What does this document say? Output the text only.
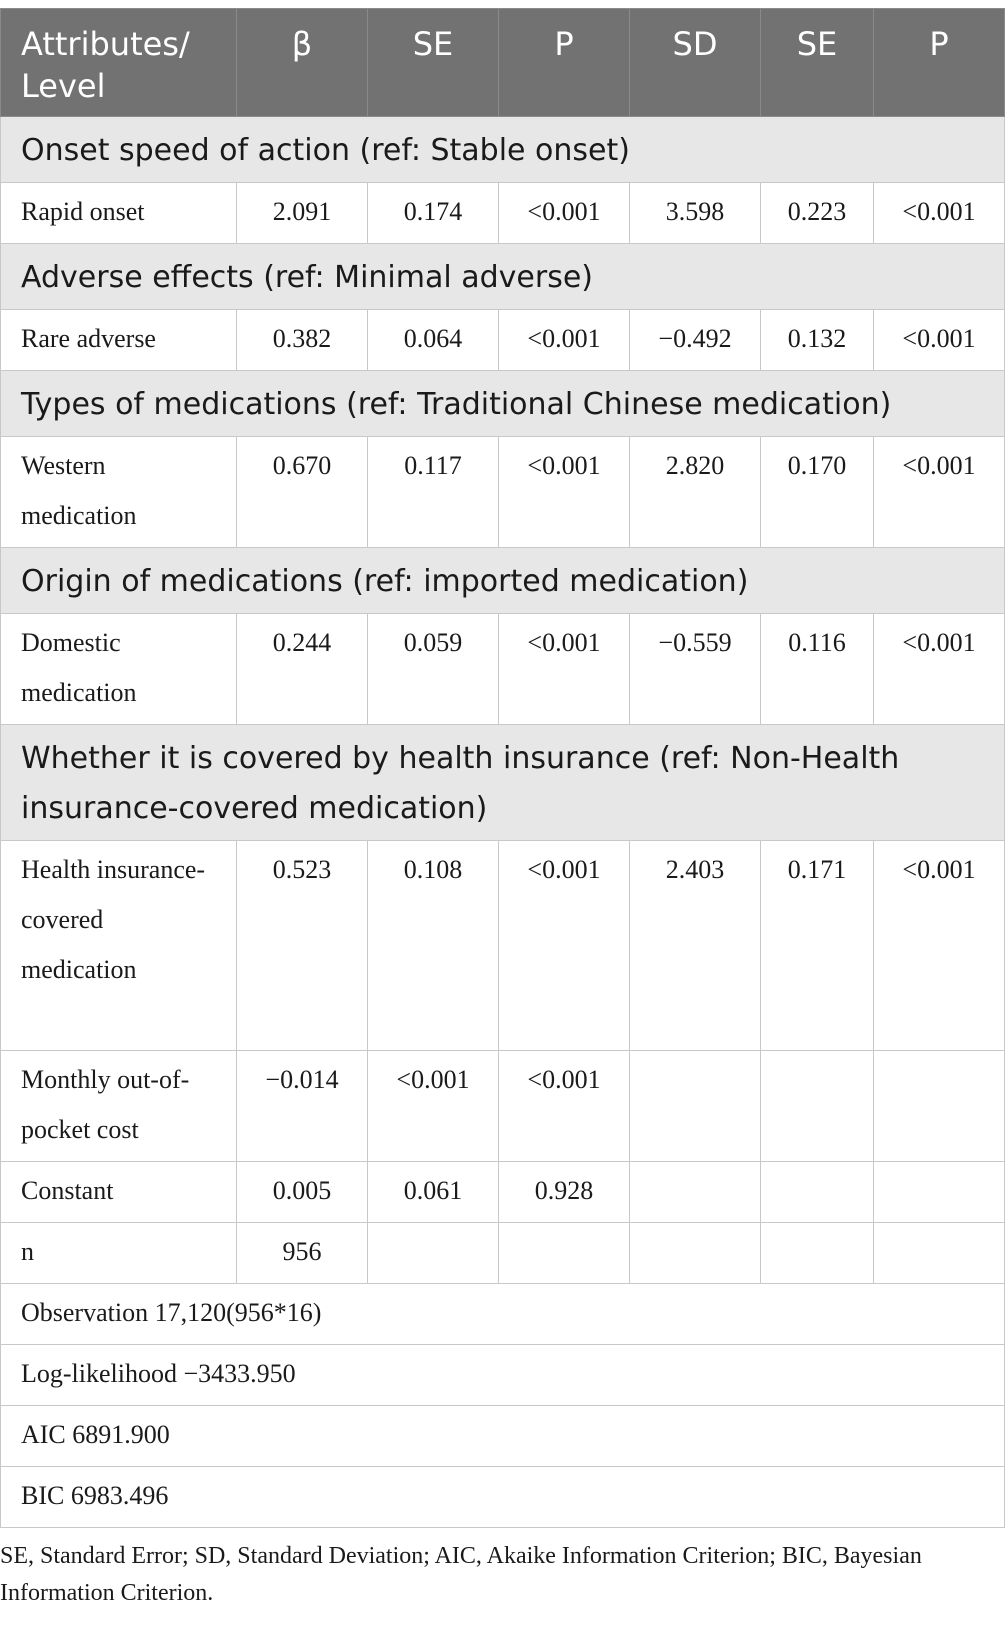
Attributes/ Level	β	SE	P	SD	SE	P
Onset speed of action (ref: Stable onset)						
Rapid onset	2.091	0.174	<0.001	3.598	0.223	<0.001
Adverse effects (ref: Minimal adverse)						
Rare adverse	0.382	0.064	<0.001	−0.492	0.132	<0.001
Types of medications (ref: Traditional Chinese medication)						
Western medication	0.670	0.117	<0.001	2.820	0.170	<0.001
Origin of medications (ref: imported medication)						
Domestic medication	0.244	0.059	<0.001	−0.559	0.116	<0.001
Whether it is covered by health insurance (ref: Non-Health insurance-covered medication)						
Health insurance-covered medication	0.523	0.108	<0.001	2.403	0.171	<0.001
Monthly out-of-pocket cost	−0.014	<0.001	<0.001			
Constant	0.005	0.061	0.928			
n	956					
Observation 17,120(956*16)						
Log-likelihood −3433.950						
AIC 6891.900						
BIC 6983.496						
SE, Standard Error; SD, Standard Deviation; AIC, Akaike Information Criterion; BIC, Bayesian Information Criterion.
